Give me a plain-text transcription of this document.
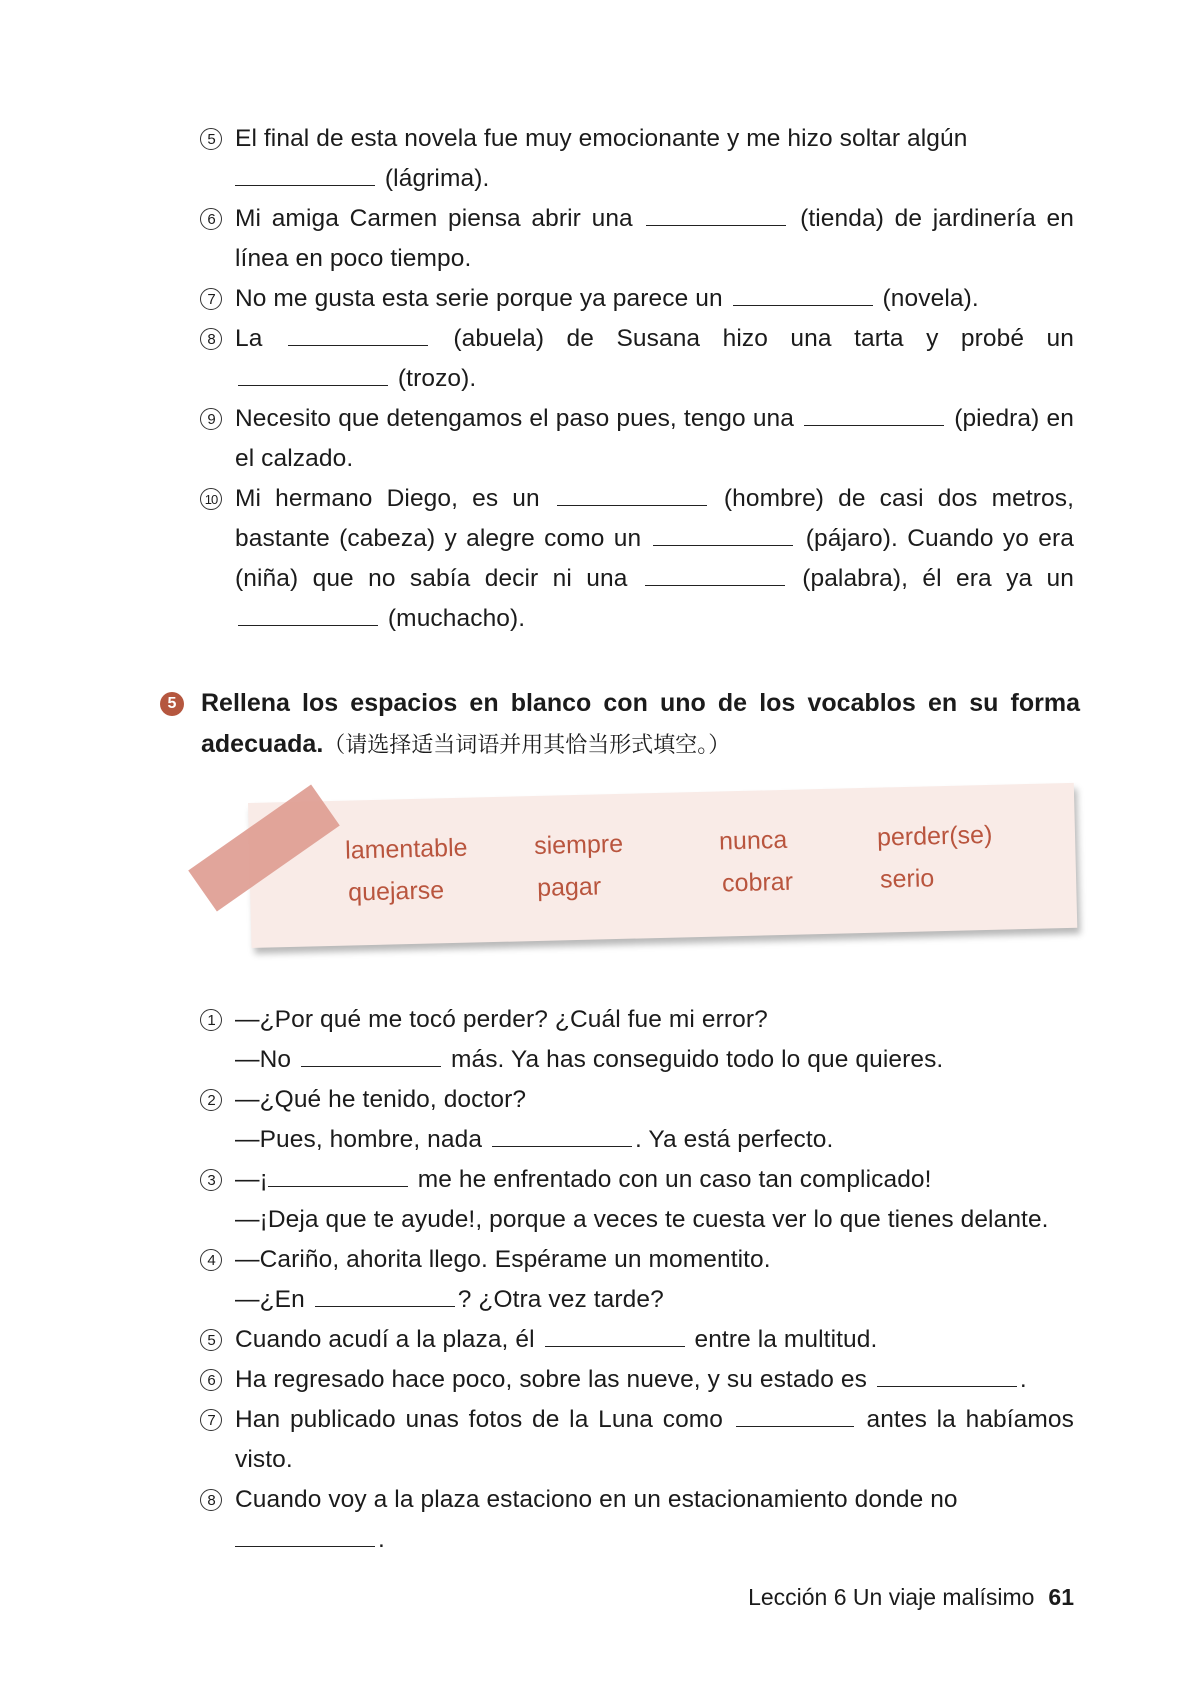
5 El final de esta novela fue muy emocionante y me hizo soltar algún
(lágrima).
6 Mi amiga Carmen piensa abrir una	(tienda) de jardinería en línea en poco tiempo.
7 No me gusta esta serie porque ya parece un	(novela).
8 La	(abuela) de Susana hizo una tarta y probé un  (trozo).
9 Necesito que detengamos el paso pues, tengo una	(piedra) en el calzado.
10 Mi hermano Diego, es un	(hombre) de casi dos metros, bastante (cabeza) y alegre como un	(pájaro). Cuando yo era (niña) que no sabía decir ni una	(palabra), él era ya un  (muchacho).
5 Rellena los espacios en blanco con uno de los vocablos en su forma adecuada.（请选择适当词语并用其恰当形式填空。）
lamentable	siempre	nunca	perder(se)
quejarse	pagar	cobrar	serio
1 —¿Por qué me tocó perder? ¿Cuál fue mi error?
—No	más. Ya has conseguido todo lo que quieres.
2 —¿Qué he tenido, doctor?
—Pues, hombre, nada	. Ya está perfecto.
3 —¡	me he enfrentado con un caso tan complicado!
—¡Deja que te ayude!, porque a veces te cuesta ver lo que tienes delante.
4 —Cariño, ahorita llego. Espérame un momentito.
—¿En	? ¿Otra vez tarde?
5 Cuando acudí a la plaza, él	entre la multitud.
6 Ha regresado hace poco, sobre las nueve, y su estado es	.
7 Han publicado unas fotos de la Luna como	antes la habíamos visto.
8 Cuando voy a la plaza estaciono en un estacionamiento donde no
.
Lección 6 Un viaje malísimo 61
